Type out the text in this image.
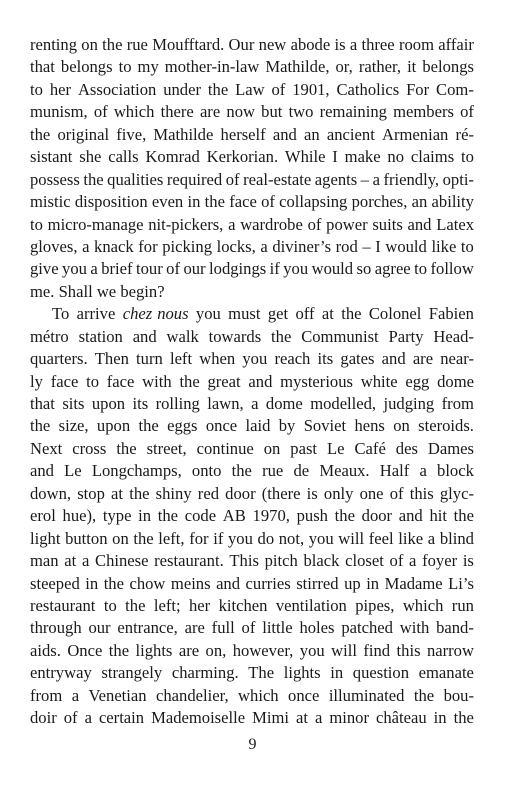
renting on the rue Moufftard. Our new abode is a three room affair
that belongs to my mother-in-law Mathilde, or, rather, it belongs
to her Association under the Law of 1901, Catholics For Com-
munism, of which there are now but two remaining members of
the original five, Mathilde herself and an ancient Armenian ré-
sistant she calls Komrad Kerkorian. While I make no claims to
possess the qualities required of real-estate agents – a friendly, opti-
mistic disposition even in the face of collapsing porches, an ability
to micro-manage nit-pickers, a wardrobe of power suits and Latex
gloves, a knack for picking locks, a diviner’s rod – I would like to
give you a brief tour of our lodgings if you would so agree to follow
me. Shall we begin?
To arrive chez nous you must get off at the Colonel Fabien
métro station and walk towards the Communist Party Head-
quarters. Then turn left when you reach its gates and are near-
ly face to face with the great and mysterious white egg dome
that sits upon its rolling lawn, a dome modelled, judging from
the size, upon the eggs once laid by Soviet hens on steroids.
Next cross the street, continue on past Le Café des Dames
and Le Longchamps, onto the rue de Meaux. Half a block
down, stop at the shiny red door (there is only one of this glyc-
erol hue), type in the code AB 1970, push the door and hit the
light button on the left, for if you do not, you will feel like a blind
man at a Chinese restaurant. This pitch black closet of a foyer is
steeped in the chow meins and curries stirred up in Madame Li’s
restaurant to the left; her kitchen ventilation pipes, which run
through our entrance, are full of little holes patched with band-
aids. Once the lights are on, however, you will find this narrow
entryway strangely charming. The lights in question emanate
from a Venetian chandelier, which once illuminated the bou-
doir of a certain Mademoiselle Mimi at a minor château in the
9
